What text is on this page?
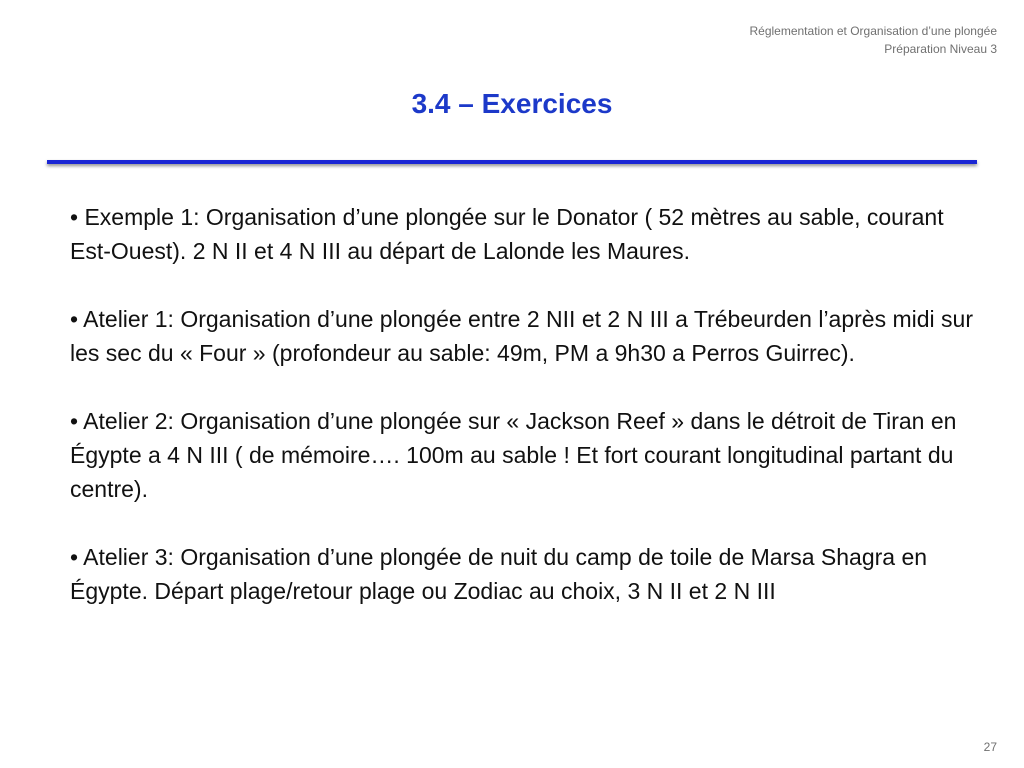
Réglementation et Organisation d’une plongée
Préparation Niveau 3
3.4 – Exercices

• Exemple 1: Organisation d’une plongée sur le Donator ( 52 mètres au sable, courant Est-Ouest). 2 N II et 4 N III au départ de Lalonde les Maures.

• Atelier 1: Organisation d’une plongée entre 2 NII et 2 N III a Trébeurden l’après midi sur les sec du « Four » (profondeur au sable: 49m, PM a 9h30 a Perros Guirrec).

• Atelier 2: Organisation d’une plongée sur « Jackson Reef » dans le détroit de Tiran en Égypte a 4 N III ( de mémoire…. 100m au sable ! Et fort courant longitudinal partant du centre).

• Atelier 3: Organisation d’une plongée de nuit du camp de toile de Marsa Shagra en Égypte. Départ plage/retour plage ou Zodiac au choix, 3 N II et 2 N III

27
